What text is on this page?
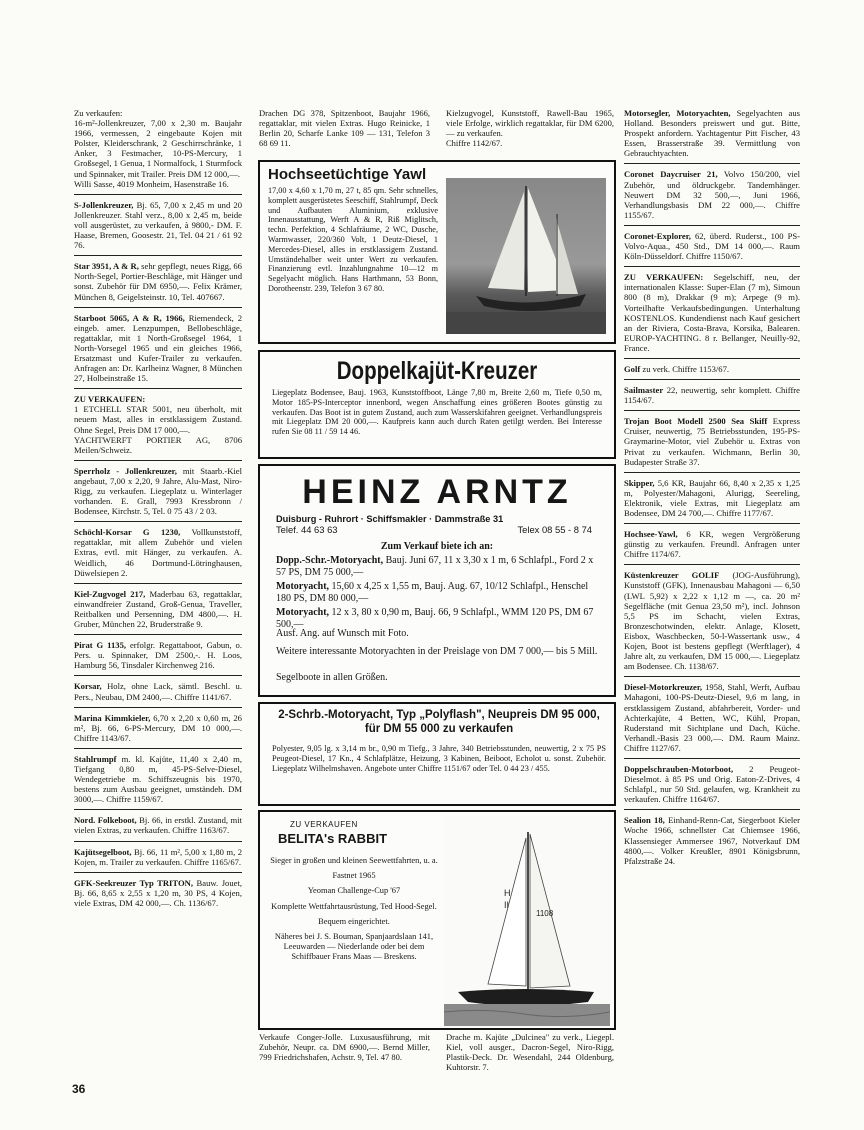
Zu verkaufen:
16-m²-Jollenkreuzer, 7,00 x 2,30 m. Baujahr 1966, vermessen, 2 eingebaute Kojen mit Polster, Kleiderschrank, 2 Geschirrschränke, 1 Anker, 3 Festmacher, 10-PS-Mercury, 1 Großsegel, 1 Genua, 1 Normalfock, 1 Sturmfock und Spinnaker, mit Trailer. Preis DM 12 000,—.
Willi Sasse, 4019 Monheim, Hasenstraße 16.

S-Jollenkreuzer, Bj. 65, 7,00 x 2,45 m und 20 Jollenkreuzer. Stahl verz., 8,00 x 2,45 m, beide voll ausgerüstet, zu verkaufen, à 9800,- DM. F. Haase, Bremen, Goosestr. 21, Tel. 04 21 / 61 92 76.

Star 3951, A & R, sehr gepflegt, neues Rigg, 66 North-Segel, Portier-Beschläge, mit Hänger und sonst. Zubehör für DM 6950,—. Felix Krämer, München 8, Geigelsteinstr. 10, Tel. 407667.

Starboot 5065, A & R, 1966, Riemendeck, 2 eingeb. amer. Lenzpumpen, Bellobeschläge, regattaklar, mit 1 North-Großsegel 1964, 1 North-Vorsegel 1965 und ein gleiches 1966, Ersatzmast und Kufer-Trailer zu verkaufen. Anfragen an: Dr. Karlheinz Wagner, 8 München 27, Holbeinstraße 15.

ZU VERKAUFEN:
1 ETCHELL STAR 5001, neu überholt, mit neuem Mast, alles in erstklassigem Zustand. Ohne Segel, Preis DM 17 000,—.
YACHTWERFT PORTIER AG, 8706 Meilen/Schweiz.

Sperrholz - Jollenkreuzer, mit Staarb.-Kiel angebaut, 7,00 x 2,20, 9 Jahre, Alu-Mast, Niro-Rigg, zu verkaufen. Liegeplatz u. Winterlager vorhanden. E. Grall, 7993 Kressbronn / Bodensee, Kirchstr. 5, Tel. 0 75 43 / 2 03.

Schöchl-Korsar G 1230, Vollkunststoff, regattaklar, mit allem Zubehör und vielen Extras, evtl. mit Hänger, zu verkaufen. A. Weidlich, 46 Dortmund-Lötringhausen, Düwelsiepen 2.

Kiel-Zugvogel 217, Maderbau 63, regattaklar, einwandfreier Zustand, Groß-Genua, Traveller, Reitbalken und Persenning, DM 4800,—. H. Gruber, München 22, Bruderstraße 9.

Pirat G 1135, erfolgr. Regattaboot, Gabun, o. Pers. u. Spinnaker, DM 2500,-. H. Loos, Hamburg 56, Tinsdaler Kirchenweg 216.

Korsar, Holz, ohne Lack, sämtl. Beschl. u. Pers., Neubau, DM 2400,—. Chiffre 1141/67.

Marina Kimmkieler, 6,70 x 2,20 x 0,60 m, 26 m², Bj. 66, 6-PS-Mercury, DM 10 000,—. Chiffre 1143/67.

Stahlrumpf m. kl. Kajüte, 11,40 x 2,40 m, Tiefgang 0,80 m, 45-PS-Selve-Diesel, Wendegetriebe m. Schiffszeugnis bis 1970, bestens zum Ausbau geeignet, umständeh. DM 3000,—. Chiffre 1159/67.

Nord. Folkeboot, Bj. 66, in erstkl. Zustand, mit vielen Extras, zu verkaufen. Chiffre 1163/67.

Kajütsegelboot, Bj. 66, 11 m², 5,00 x 1,80 m, 2 Kojen, m. Trailer zu verkaufen. Chiffre 1165/67.

GFK-Seekreuzer Typ TRITON, Bauw. Jouet, Bj. 66, 8,65 x 2,55 x 1,20 m, 30 PS, 4 Kojen, viele Extras, DM 42 000,—. Ch. 1136/67.

Drachen DG 378, Spitzenboot, Baujahr 1966, regattaklar, mit vielen Extras. Hugo Reinicke, 1 Berlin 20, Scharfe Lanke 109 — 131, Telefon 3 68 69 11.
Kielzugvogel, Kunststoff, Rawell-Bau 1965, viele Erfolge, wirklich regattaklar, für DM 6200,— zu verkaufen.
Chiffre 1142/67.
Hochseetüchtige Yawl
17,00 x 4,60 x 1,70 m, 27 t, 85 qm. Sehr schnelles, komplett ausgerüstetes Seeschiff, Stahlrumpf, Deck und Aufbauten Aluminium, exklusive Innenausstattung, Werft A & R, Riß Miglitsch, techn. Perfektion, 4 Schlafräume, 2 WC, Dusche, Warmwasser, 220/360 Volt, 1 Deutz-Diesel, 1 Mercedes-Diesel, alles in erstklassigem Zustand. Umständehalber weit unter Wert zu verkaufen. Finanzierung evtl. Inzahlungnahme 10—12 m Segelyacht möglich. Hans Harthmann, 53 Bonn, Dorotheenstr. 239, Telefon 3 67 80.
Doppelkajüt-Kreuzer
Liegeplatz Bodensee, Bauj. 1963, Kunststoffboot, Länge 7,80 m, Breite 2,60 m, Tiefe 0,50 m, Motor 185-PS-Interceptor innenbord, wegen Anschaffung eines größeren Bootes günstig zu verkaufen. Das Boot ist in gutem Zustand, auch zum Wasserskifahren geeignet. Verhandlungspreis mit Liegeplatz DM 20 000,—. Kaufpreis kann auch durch Raten getilgt werden. Bei Interesse rufen Sie 08 11 / 59 14 46.
HEINZ ARNTZ
Duisburg - Ruhrort · Schiffsmakler · Dammstraße 31
Telef. 44 63 63	Telex 08 55 - 8 74
Zum Verkauf biete ich an:
Dopp.-Schr.-Motoryacht, Bauj. Juni 67, 11 x 3,30 x 1 m, 6 Schlafpl., Ford 2 x 57 PS, DM 75 000,—
Motoryacht, 15,60 x 4,25 x 1,55 m, Bauj. Aug. 67, 10/12 Schlafpl., Henschel 180 PS, DM 80 000,—
Motoryacht, 12 x 3, 80 x 0,90 m, Bauj. 66, 9 Schlafpl., WMM 120 PS, DM 67 500,—
Ausf. Ang. auf Wunsch mit Foto.
Weitere interessante Motoryachten in der Preislage von DM 7 000,— bis 5 Mill.
Segelboote in allen Größen.
2-Schrb.-Motoryacht, Typ „Polyflash", Neupreis DM 95 000, für DM 55 000 zu verkaufen
Polyester, 9,05 lg. x 3,14 m br., 0,90 m Tiefg., 3 Jahre, 340 Betriebsstunden, neuwertig, 2 x 75 PS Peugeot-Diesel, 17 Kn., 4 Schlafplätze, Heizung, 3 Kabinen, Beiboot, Echolot u. sonst. Zubehör. Liegeplatz Wilhelmshaven. Angebote unter Chiffre 1151/67 oder Tel. 0 44 23 / 455.
ZU VERKAUFEN
BELITA's RABBIT
Sieger in großen und kleinen Seewettfahrten, u. a.
Fastnet 1965
Yeoman Challenge-Cup '67
Komplette Wettfahrtausrüstung, Ted Hood-Segel.
Bequem eingerichtet.
Näheres bei J. S. Bouman, Spanjaardslaan 141, Leeuwarden — Niederlande oder bei dem Schiffbauer Frans Maas — Breskens.
H
II
1108
Verkaufe Conger-Jolle. Luxusausführung, mit Zubehör, Neupr. ca. DM 6900,—. Bernd Miller, 799 Friedrichshafen, Achstr. 9, Tel. 47 80.
Drache m. Kajüte „Dulcinea" zu verk., Liegepl. Kiel, voll ausger., Dacron-Segel, Niro-Rigg, Plastik-Deck. Dr. Wesendahl, 244 Oldenburg, Kuhtorstr. 7.

Motorsegler, Motoryachten, Segelyachten aus Holland. Besonders preiswert und gut. Bitte, Prospekt anfordern. Yachtagentur Pitt Fischer, 43 Essen, Brasserstraße 39. Vermittlung von Gebrauchtyachten.

Coronet Daycruiser 21, Volvo 150/200, viel Zubehör, und öldruckgebr. Tandemhänger. Neuwert DM 32 500,—, Juni 1966, Verhandlungsbasis DM 22 000,—. Chiffre 1155/67.

Coronet-Explorer, 62, überd. Ruderst., 100 PS-Volvo-Aqua., 450 Std., DM 14 000,—. Raum Köln-Düsseldorf. Chiffre 1150/67.

ZU VERKAUFEN: Segelschiff, neu, der internationalen Klasse: Super-Elan (7 m), Simoun 800 (8 m), Drakkar (9 m); Arpege (9 m). Vorteilhafte Verkaufsbedingungen. Unterhaltung KOSTENLOS. Kundendienst nach Kauf gesichert an der Riviera, Costa-Brava, Korsika, Balearen. EUROP-YACHTING. 8 r. Bellanger, Neuilly-92, France.

Golf zu verk. Chiffre 1153/67.

Sailmaster 22, neuwertig, sehr komplett. Chiffre 1154/67.

Trojan Boot Modell 2500 Sea Skiff Express Cruiser, neuwertig, 75 Betriebsstunden, 195-PS-Graymarine-Motor, viel Zubehör u. Extras von Privat zu verkaufen. Wichmann, Berlin 30, Budapester Straße 37.

Skipper, 5,6 KR, Baujahr 66, 8,40 x 2,35 x 1,25 m, Polyester/Mahagoni, Alurigg, Seereling, Elektronik, viele Extras, mit Liegeplatz am Bodensee, DM 24 700,—. Chiffre 1177/67.

Hochsee-Yawl, 6 KR, wegen Vergrößerung günstig zu verkaufen. Freundl. Anfragen unter Chiffre 1174/67.

Küstenkreuzer GOLIF (JOG-Ausführung), Kunststoff (GFK), Innenausbau Mahagoni — 6,50 (LWL 5,92) x 2,22 x 1,12 m —, ca. 20 m² Segelfläche (mit Genua 23,50 m²), incl. Johnson 5,5 PS im Schacht, vielen Extras, Bronzeschotwinden, elektr. Anlage, Klosett, Eisbox, Waschbecken, 50-l-Wassertank usw., 4 Kojen, Boot ist bestens gepflegt (Werftlager), 4 Jahre alt, zu verkaufen, DM 15 000,—. Liegeplatz am Bodensee. Ch. 1138/67.

Diesel-Motorkreuzer, 1958, Stahl, Werft, Aufbau Mahagoni, 100-PS-Deutz-Diesel, 9,6 m lang, in erstklassigem Zustand, abfahrbereit, Vorder- und Achterkajüte, 4 Betten, WC, Kühl, Propan, Ruderstand mit Sichtplane und Dach, Küche. Verhandl.-Basis 23 000,—. DM. Raum Mainz. Chiffre 1127/67.

Doppelschrauben-Motorboot, 2 Peugeot-Dieselmot. à 85 PS und Orig. Eaton-Z-Drives, 4 Schlafpl., nur 50 Std. gelaufen, wg. Krankheit zu verkaufen. Chiffre 1164/67.

Sealion 18, Einhand-Renn-Cat, Siegerboot Kieler Woche 1966, schnellster Cat Chiemsee 1966, Klassensieger Ammersee 1967, Notverkauf DM 4800,—. Volker Kreußler, 8901 Königsbrunn, Pfalzstraße 24.

36
